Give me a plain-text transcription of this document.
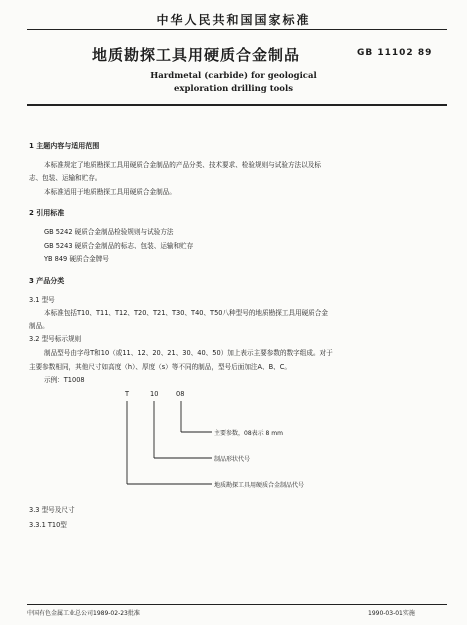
中华人民共和国国家标准
地质勘探工具用硬质合金制品	GB 11102 89
Hardmetal (carbide) for geological
exploration drilling tools
1 主题内容与适用范围
本标准规定了地质勘探工具用硬质合金制品的产品分类、技术要求、检验规则与试验方法以及标
志、包装、运输和贮存。
本标准适用于地质勘探工具用硬质合金制品。
2 引用标准
GB 5242 硬质合金制品检验规则与试验方法
GB 5243 硬质合金制品的标志、包装、运输和贮存
YB 849 硬质合金牌号
3 产品分类
3.1 型号
本标准包括T10、T11、T12、T20、T21、T30、T40、T50八种型号的地质勘探工具用硬质合金
制品。
3.2 型号标示规则
制品型号由字母T和10（或11、12、20、21、30、40、50）加上表示主要参数的数字组成。对于
主要参数相同，其他尺寸如高度（h）、厚度（s）等不同的制品，型号后面加注A、B、C。
示例：T1008
T	10	08
主要参数，08表示 8 mm
制品形状代号
地质勘探工具用硬质合金制品代号
3.3 型号及尺寸
3.3.1 T10型
中国有色金属工业总公司1989-02-23批准	1990-03-01实施
